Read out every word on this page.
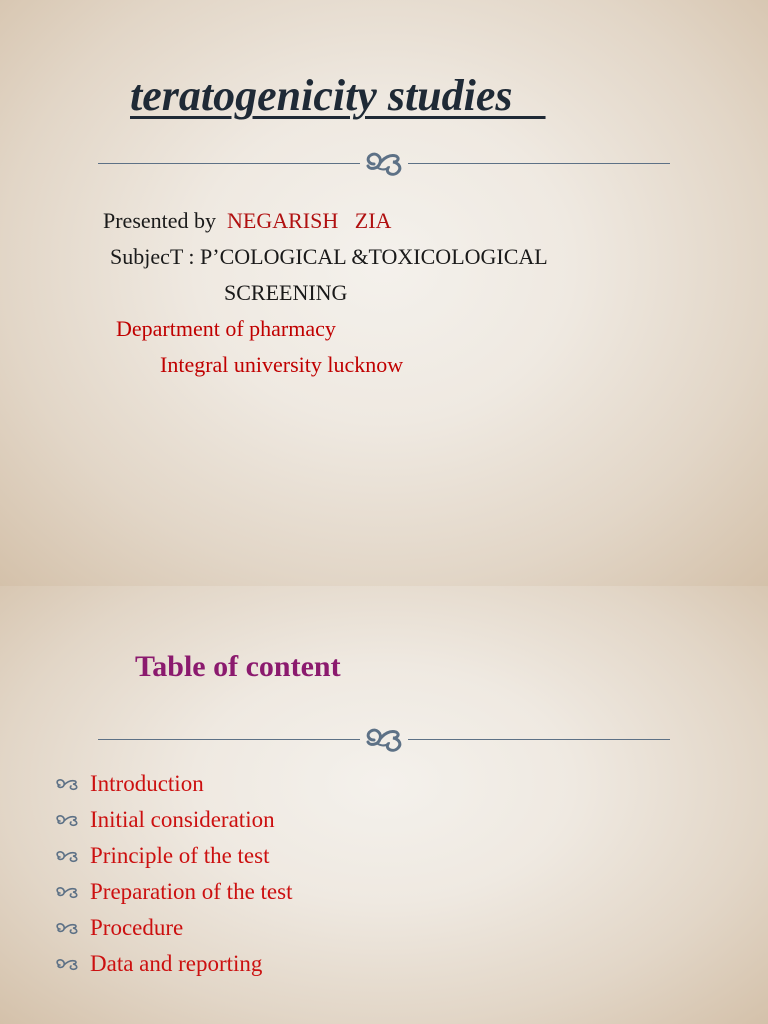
teratogenicity studies
Presented by  NEGARISH   ZIA
SubjecT : P’COLOGICAL &TOXICOLOGICAL
SCREENING
Department of pharmacy
Integral university lucknow
Table of content
Introduction
Initial consideration
Principle of the test
Preparation of the test
Procedure
Data and reporting
